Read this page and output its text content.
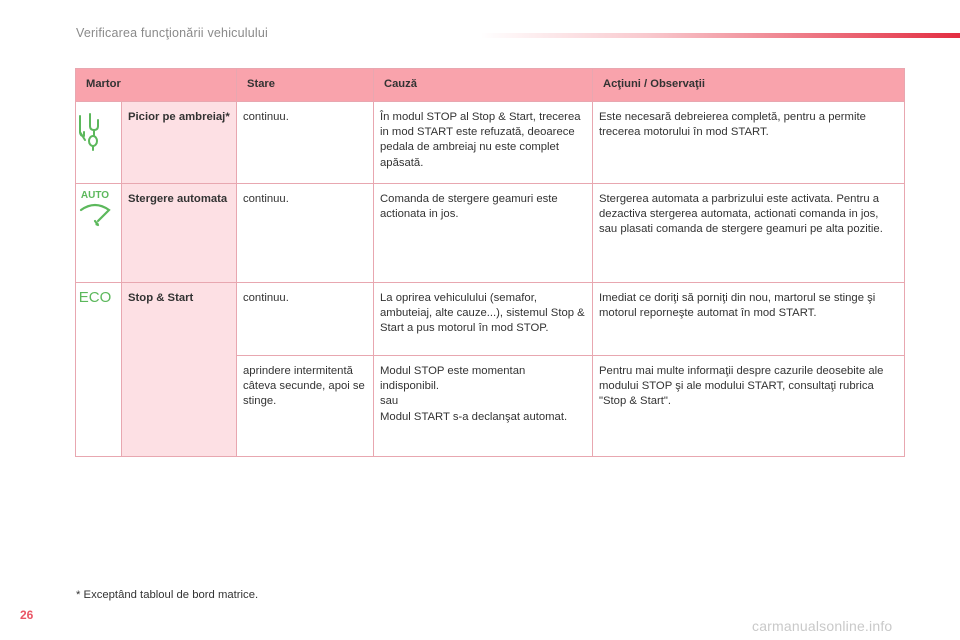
Verificarea funcţionării vehiculului
Martor		Stare	Cauză	Acţiuni / Observaţii
	Picior pe ambreiaj*	continuu.	În modul STOP al Stop & Start, trecerea in mod START este refuzată, deoarece pedala de ambreiaj nu este complet apăsată.	Este necesară debreierea completă, pentru a permite trecerea motorului în mod START.

AUTO	Stergere automata	continuu.	Comanda de stergere geamuri este actionata in jos.	Stergerea automata a parbrizului este activata. Pentru a dezactiva stergerea automata, actionati comanda in jos, sau plasati comanda de stergere geamuri pe alta pozitie.

ECO	Stop & Start	continuu.	La oprirea vehiculului (semafor, ambuteiaj, alte cauze...), sistemul Stop & Start a pus motorul în mod STOP.	Imediat ce doriţi să porniţi din nou, martorul se stinge şi motorul reporneşte automat în mod START.
		aprindere intermitentă câteva secunde, apoi se stinge.	Modul STOP este momentan indisponibil.
sau
Modul START s-a declanşat automat.	Pentru mai multe informaţii despre cazurile deosebite ale modului STOP şi ale modului START, consultaţi rubrica "Stop & Start".
* Exceptând tabloul de bord matrice.
26
carmanualsonline.info
